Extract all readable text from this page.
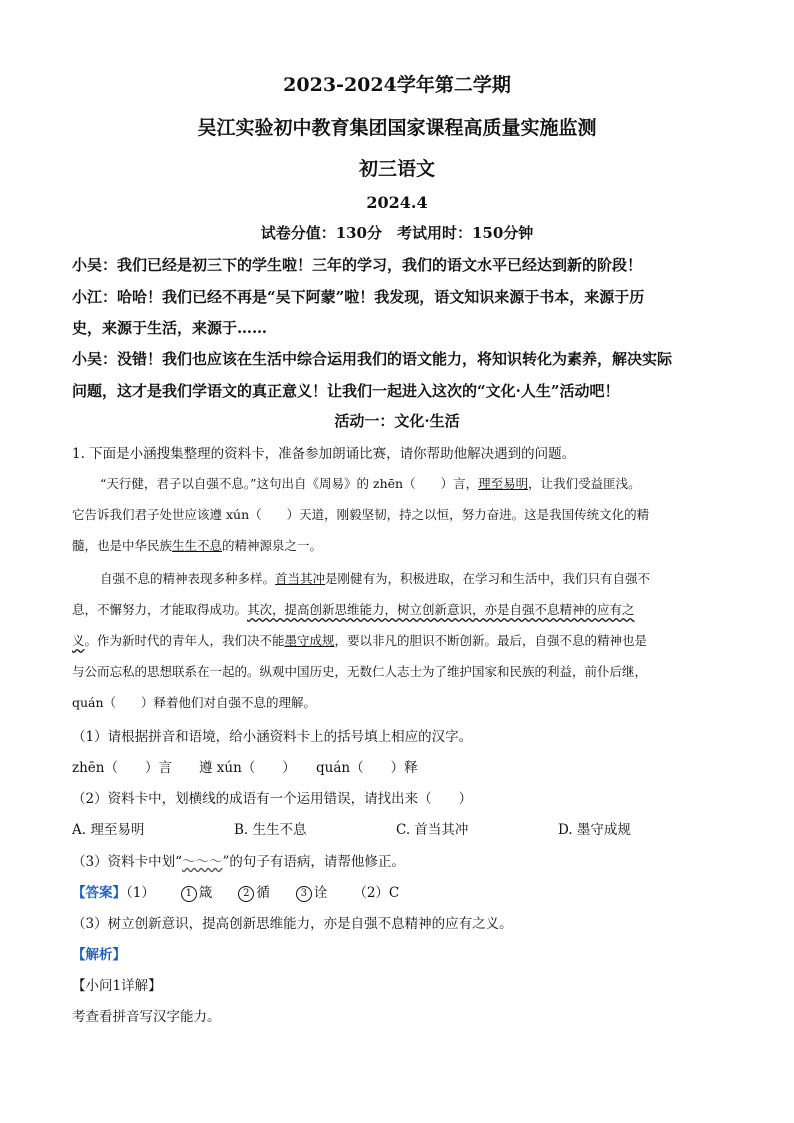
2023-2024学年第二学期
吴江实验初中教育集团国家课程高质量实施监测
初三语文
2024.4
试卷分值：130分　考试用时：150分钟
小吴：我们已经是初三下的学生啦！三年的学习，我们的语文水平已经达到新的阶段！
小江：哈哈！我们已经不再是“吴下阿蒙”啦！我发现，语文知识来源于书本，来源于历
史，来源于生活，来源于……
小吴：没错！我们也应该在生活中综合运用我们的语文能力，将知识转化为素养，解决实际
问题，这才是我们学语文的真正意义！让我们一起进入这次的“文化·人生”活动吧！
活动一：文化·生活
1. 下面是小涵搜集整理的资料卡，准备参加朗诵比赛，请你帮助他解决遇到的问题。
“天行健，君子以自强不息。”这句出自《周易》的 zhēn（　　）言，理至易明，让我们受益匪浅。
它告诉我们君子处世应该遵 xún（　　）天道，刚毅坚韧，持之以恒，努力奋进。这是我国传统文化的精
髓，也是中华民族生生不息的精神源泉之一。
自强不息的精神表现多种多样。首当其冲是刚健有为，积极进取，在学习和生活中，我们只有自强不
息，不懈努力，才能取得成功。其次，提高创新思维能力，树立创新意识，亦是自强不息精神的应有之
义。作为新时代的青年人，我们决不能墨守成规，要以非凡的胆识不断创新。最后，自强不息的精神也是
与公而忘私的思想联系在一起的。纵观中国历史，无数仁人志士为了维护国家和民族的利益，前仆后继，
quán（　　）释着他们对自强不息的理解。
（1）请根据拼音和语境，给小涵资料卡上的括号填上相应的汉字。
zhēn（　　）言　　遵 xún（　　）　　quán（　　）释
（2）资料卡中，划横线的成语有一个运用错误，请找出来（　　）
A. 理至易明	B. 生生不息	C. 首当其冲	D. 墨守成规
（3）资料卡中划“～～～”的句子有语病，请帮他修正。
【答案】（1）	1 箴	2 循	3 诠 （2）C
（3）树立创新意识，提高创新思维能力，亦是自强不息精神的应有之义。
【解析】
【小问1详解】
考查看拼音写汉字能力。
